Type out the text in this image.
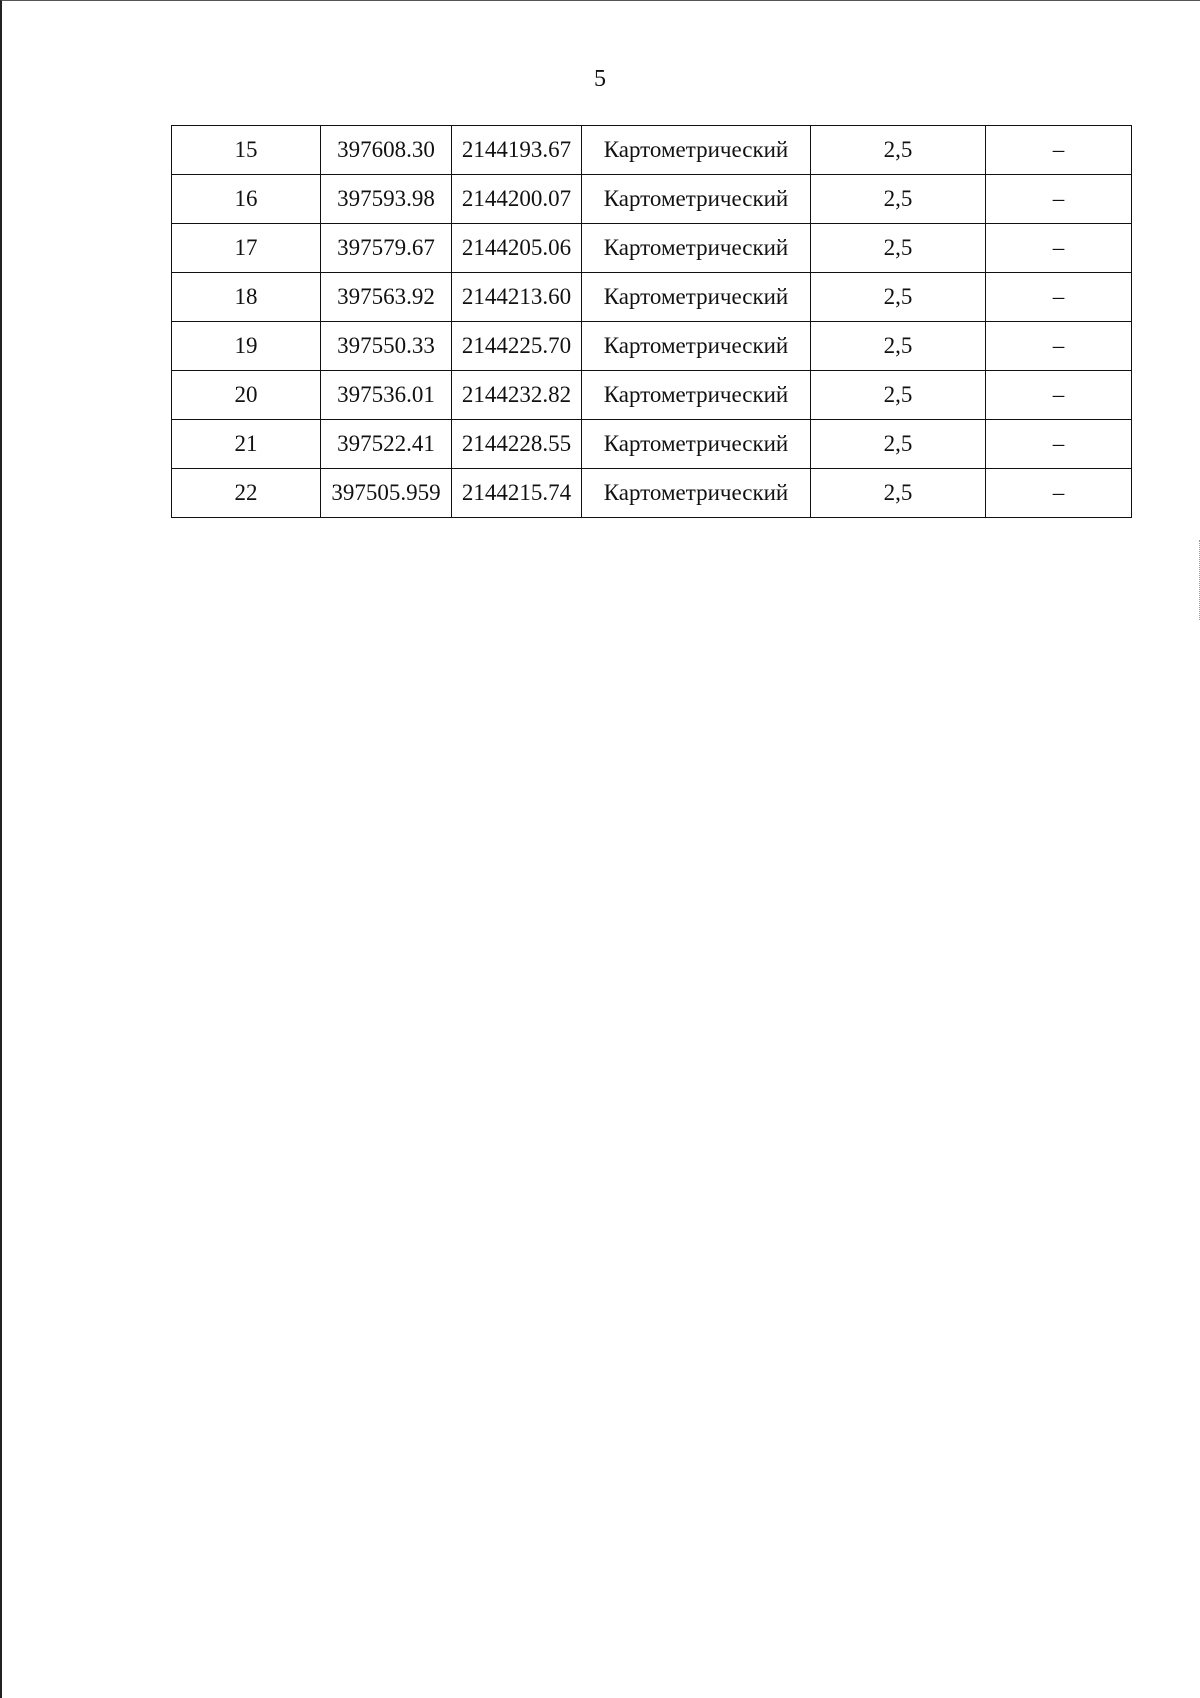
5
15	397608.30	2144193.67	Картометрический	2,5	–
16	397593.98	2144200.07	Картометрический	2,5	–
17	397579.67	2144205.06	Картометрический	2,5	–
18	397563.92	2144213.60	Картометрический	2,5	–
19	397550.33	2144225.70	Картометрический	2,5	–
20	397536.01	2144232.82	Картометрический	2,5	–
21	397522.41	2144228.55	Картометрический	2,5	–
22	397505.959	2144215.74	Картометрический	2,5	–
